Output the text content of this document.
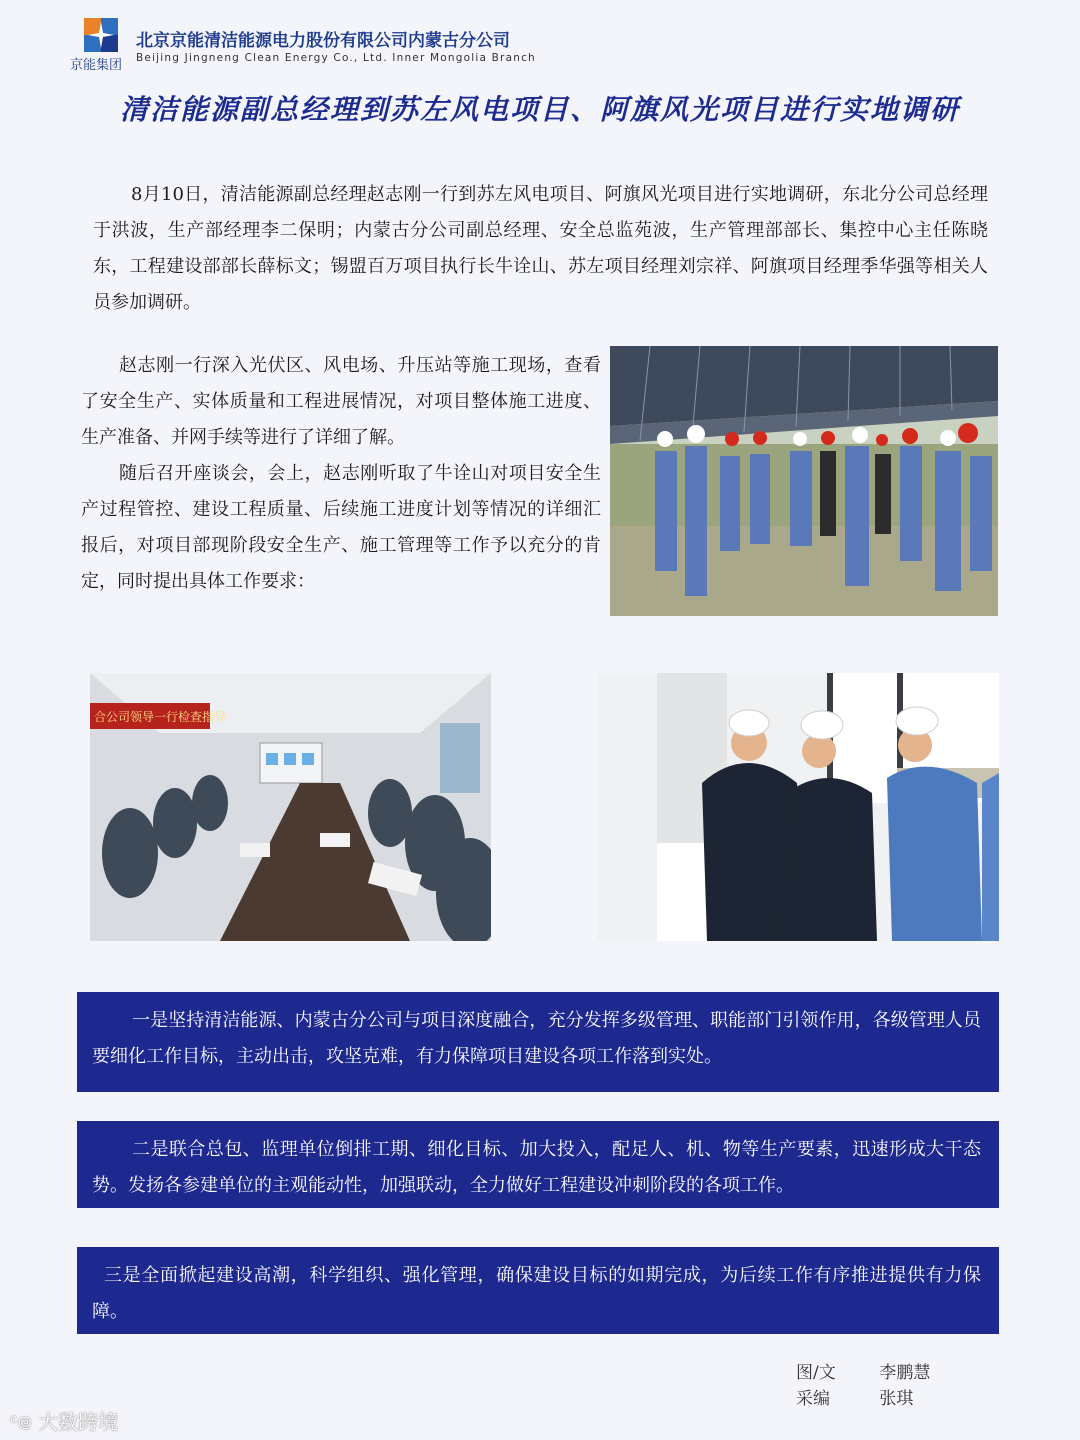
京能集团
北京京能清洁能源电力股份有限公司内蒙古分公司
Beijing Jingneng Clean Energy Co., Ltd. Inner Mongolia Branch
清洁能源副总经理到苏左风电项目、阿旗风光项目进行实地调研
8月10日，清洁能源副总经理赵志刚一行到苏左风电项目、阿旗风光项目进行实地调研，东北分公司总经理于洪波，生产部经理李二保明；内蒙古分公司副总经理、安全总监苑波，生产管理部部长、集控中心主任陈晓东，工程建设部部长薛标文；锡盟百万项目执行长牛诠山、苏左项目经理刘宗祥、阿旗项目经理季华强等相关人员参加调研。
赵志刚一行深入光伏区、风电场、升压站等施工现场，查看了安全生产、实体质量和工程进展情况，对项目整体施工进度、生产准备、并网手续等进行了详细了解。
随后召开座谈会，会上，赵志刚听取了牛诠山对项目安全生产过程管控、建设工程质量、后续施工进度计划等情况的详细汇报后，对项目部现阶段安全生产、施工管理等工作予以充分的肯定，同时提出具体工作要求：
合公司领导一行检查指导
一是坚持清洁能源、内蒙古分公司与项目深度融合，充分发挥多级管理、职能部门引领作用，各级管理人员要细化工作目标，主动出击，攻坚克难，有力保障项目建设各项工作落到实处。
二是联合总包、监理单位倒排工期、细化目标、加大投入，配足人、机、物等生产要素，迅速形成大干态势。发扬各参建单位的主观能动性，加强联动，全力做好工程建设冲刺阶段的各项工作。
三是全面掀起建设高潮，科学组织、强化管理，确保建设目标的如期完成，为后续工作有序推进提供有力保障。
图/文	李鹏慧
采编	张琪
ᶜ᪤ 大数跨境
